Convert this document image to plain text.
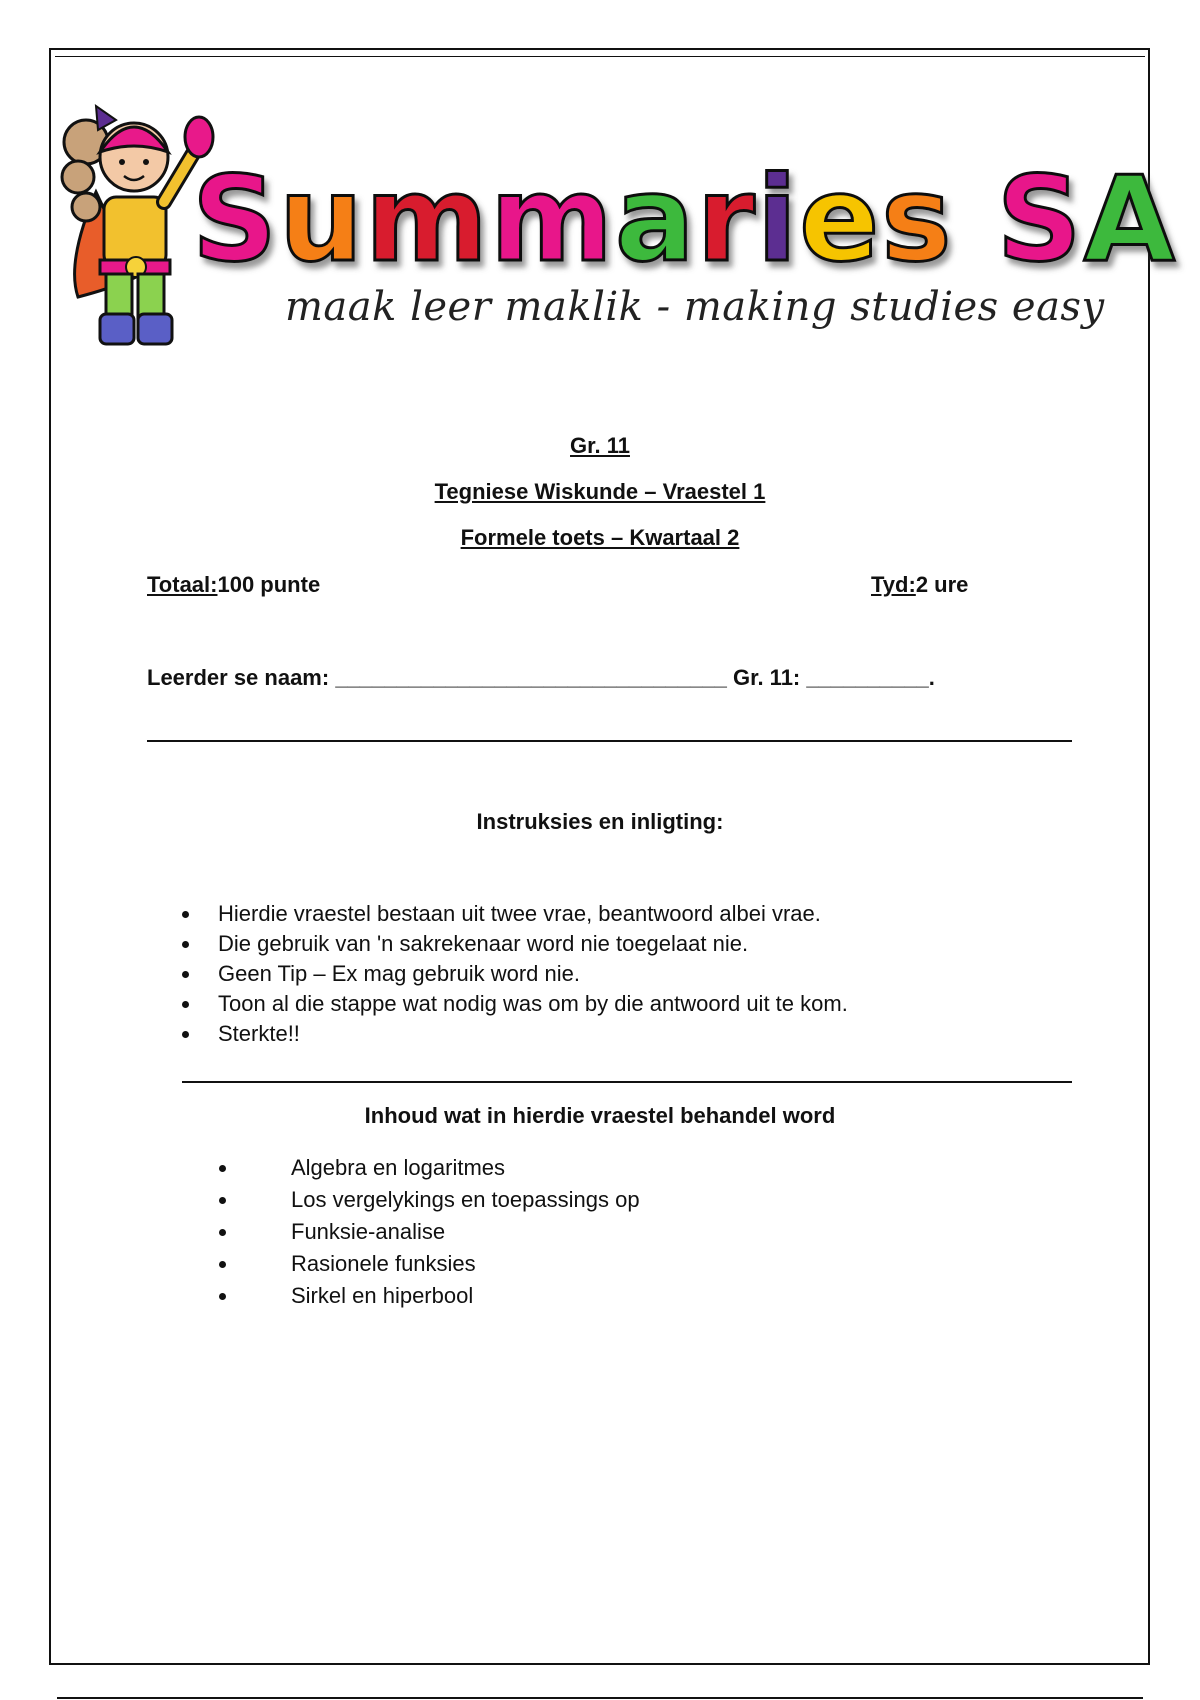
Summaries SA
maak leer maklik - making studies easy
Gr. 11
Tegniese Wiskunde – Vraestel 1
Formele toets – Kwartaal 2
Totaal:100 punte	Tyd:2 ure
Leerder se naam: ________________________________ Gr. 11: __________.
Instruksies en inligting:
Hierdie vraestel bestaan uit twee vrae, beantwoord albei vrae.
Die gebruik van 'n sakrekenaar word nie toegelaat nie.
Geen Tip – Ex mag gebruik word nie.
Toon al die stappe wat nodig was om by die antwoord uit te kom.
Sterkte!!
Inhoud wat in hierdie vraestel behandel word
Algebra en logaritmes
Los vergelykings en toepassings op
Funksie-analise
Rasionele funksies
Sirkel en hiperbool
